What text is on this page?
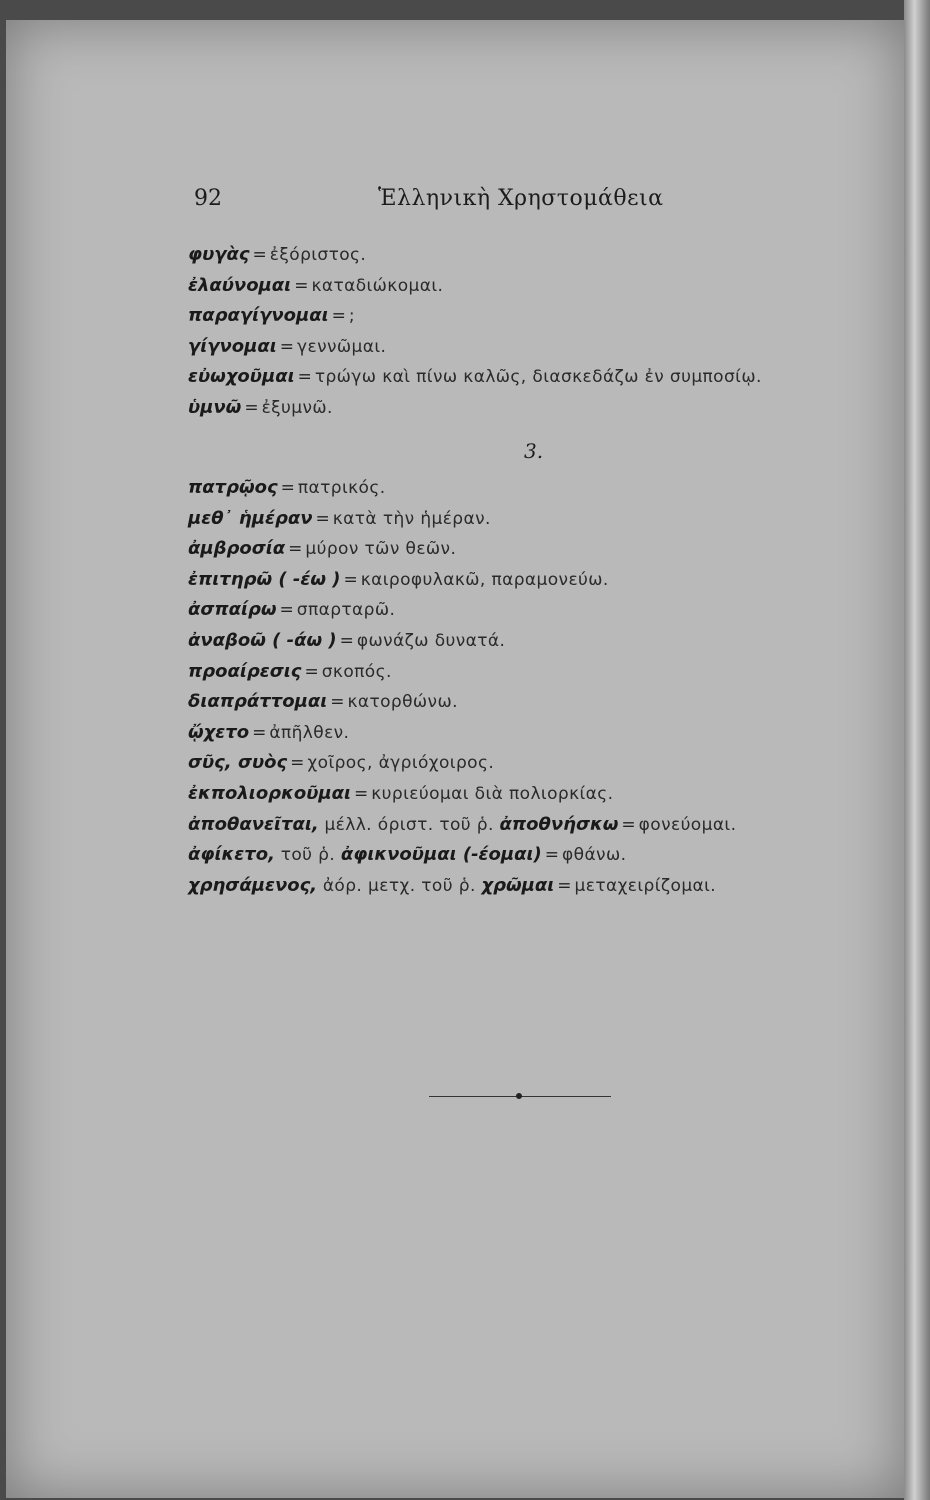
92	Ἑλληνικὴ Χρηστομάθεια
φυγὰς = ἐξόριστος.
ἐλαύνομαι = καταδιώκομαι.
παραγίγνομαι = ;
γίγνομαι = γεννῶμαι.
εὐωχοῦμαι = τρώγω καὶ πίνω καλῶς, διασκεδάζω ἐν συμποσίῳ.
ὑμνῶ = ἐξυμνῶ.
3.
πατρῷος = πατρικός.
μεθ᾽ ἡμέραν = κατὰ τὴν ἡμέραν.
ἀμβροσία = μύρον τῶν θεῶν.
ἐπιτηρῶ ( -έω ) = καιροφυλακῶ, παραμονεύω.
ἀσπαίρω = σπαρταρῶ.
ἀναβοῶ ( -άω ) = φωνάζω δυνατά.
προαίρεσις = σκοπός.
διαπράττομαι = κατορθώνω.
ᾤχετο = ἀπῆλθεν.
σῦς, συὸς = χοῖρος, ἀγριόχοιρος.
ἐκπολιορκοῦμαι = κυριεύομαι διὰ πολιορκίας.
ἀποθανεῖται, μέλλ. όριστ. τοῦ ῥ. ἀποθνήσκω = φονεύομαι.
ἀφίκετο, τοῦ ῥ. ἀφικνοῦμαι (-έομαι) = φθάνω.
χρησάμενος, ἀόρ. μετχ. τοῦ ῥ. χρῶμαι = μεταχειρίζομαι.
